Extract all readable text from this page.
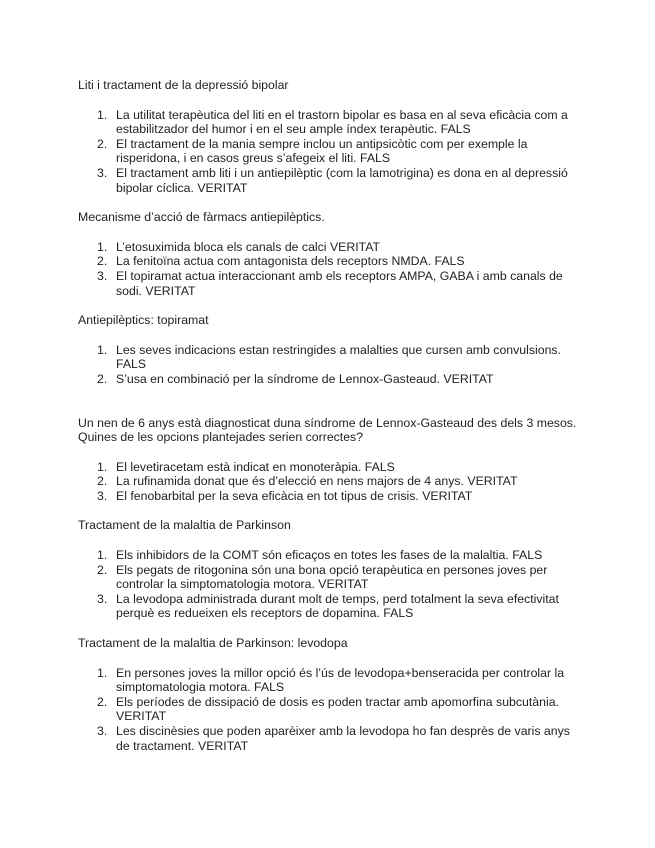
Liti i tractament de la depressió bipolar

1. La utilitat terapèutica del liti en el trastorn bipolar es basa en al seva eficàcia com a estabilitzador del humor i en el seu ample índex terapèutic. FALS
2. El tractament de la mania sempre inclou un antipsicòtic com per exemple la risperidona, i en casos greus s’afegeix el liti. FALS
3. El tractament amb liti i un antiepilèptic (com la lamotrigina) es dona en al depressió bipolar cíclica. VERITAT

Mecanisme d’acció de fàrmacs antiepilèptics.

1. L’etosuximida bloca els canals de calci VERITAT
2. La fenitoïna actua com antagonista dels receptors NMDA. FALS
3. El topiramat actua interaccionant amb els receptors AMPA, GABA i amb canals de sodi. VERITAT

Antiepilèptics: topiramat

1. Les seves indicacions estan restringides a malalties que cursen amb convulsions. FALS
2. S’usa en combinació per la síndrome de Lennox-Gasteaud. VERITAT

Un nen de 6 anys està diagnosticat duna síndrome de Lennox-Gasteaud des dels 3 mesos. Quines de les opcions plantejades serien correctes?

1. El levetiracetam està indicat en monoteràpia. FALS
2. La rufinamida donat que és d’elecció en nens majors de 4 anys. VERITAT
3. El fenobarbital per la seva eficàcia en tot tipus de crisis. VERITAT

Tractament de la malaltia de Parkinson

1. Els inhibidors de la COMT són eficaços en totes les fases de la malaltia. FALS
2. Els pegats de ritogonina són una bona opció terapèutica en persones joves per controlar la simptomatologia motora. VERITAT
3. La levodopa administrada durant molt de temps, perd totalment la seva efectivitat perquè es redueixen els receptors de dopamina. FALS

Tractament de la malaltia de Parkinson: levodopa

1. En persones joves la millor opció és l’ús de levodopa+benseracida per controlar la simptomatologia motora. FALS
2. Els períodes de dissipació de dosis es poden tractar amb apomorfina subcutània. VERITAT
3. Les discinèsies que poden aparèixer amb la levodopa ho fan desprès de varis anys de tractament. VERITAT
